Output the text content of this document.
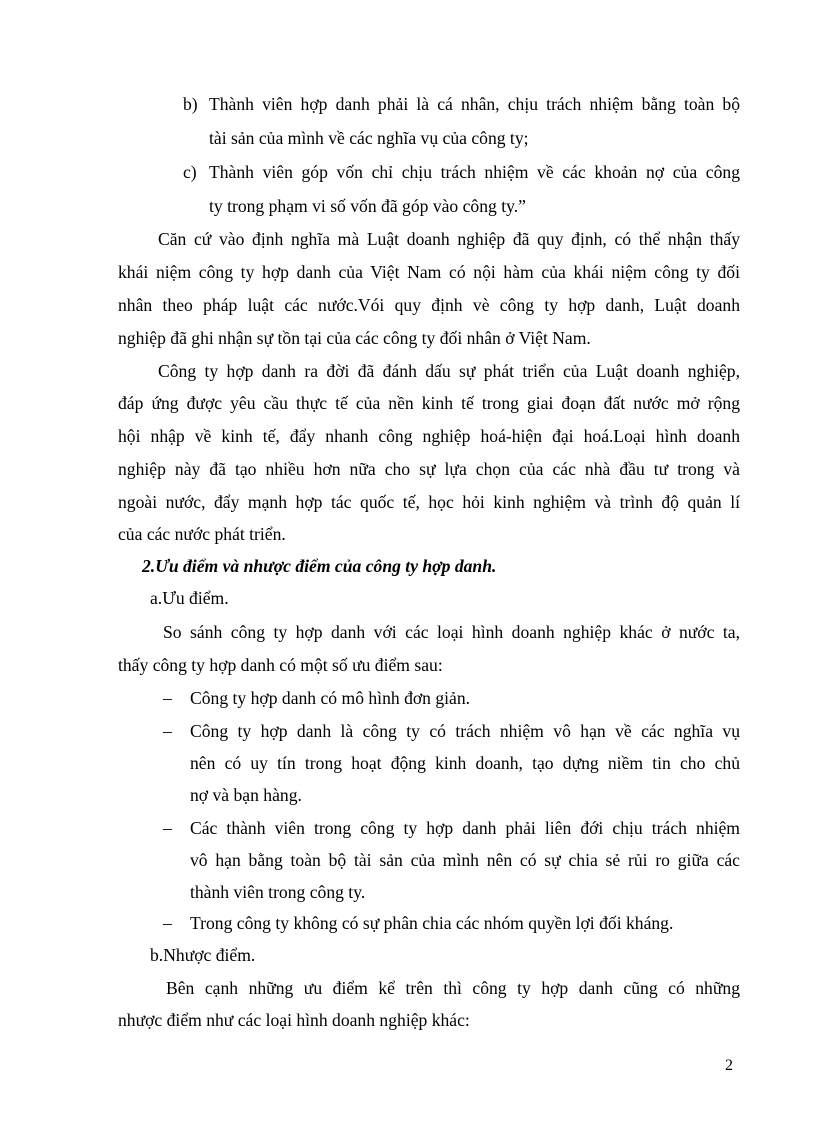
b) Thành viên hợp danh phải là cá nhân, chịu trách nhiệm bằng toàn bộ
tài sản của mình về các nghĩa vụ của công ty;
c) Thành viên góp vốn chỉ chịu trách nhiệm về các khoản nợ của công
ty trong phạm vi số vốn đã góp vào công ty.”
Căn cứ vào định nghĩa mà Luật doanh nghiệp đã quy định, có thể nhận thấy
khái niệm công ty hợp danh của Việt Nam có nội hàm của khái niệm công ty đối
nhân theo pháp luật các nước.Vói quy định vè công ty hợp danh, Luật doanh
nghiệp đã ghi nhận sự tồn tại của các công ty đối nhân ở Việt Nam.
Công ty hợp danh ra đời đã đánh dấu sự phát triển của Luật doanh nghiệp,
đáp ứng được yêu cầu thực tế của nền kinh tế trong giai đoạn đất nước mở rộng
hội nhập về kinh tế, đẩy nhanh công nghiệp hoá-hiện đại hoá.Loại hình doanh
nghiệp này đã tạo nhiều hơn nữa cho sự lựa chọn của các nhà đầu tư trong và
ngoài nước, đẩy mạnh hợp tác quốc tế, học hỏi kinh nghiệm và trình độ quản lí
của các nước phát triển.
2.Ưu điểm và nhược điểm của công ty hợp danh.
a.Ưu điểm.
So sánh công ty hợp danh với các loại hình doanh nghiệp khác ở nước ta,
thấy công ty hợp danh có một số ưu điểm sau:
– Công ty hợp danh có mô hình đơn giản.
– Công ty hợp danh là công ty có trách nhiệm vô hạn về các nghĩa vụ
nên có uy tín trong hoạt động kinh doanh, tạo dựng niềm tin cho chủ
nợ và bạn hàng.
– Các thành viên trong công ty hợp danh phải liên đới chịu trách nhiệm
vô hạn bằng toàn bộ tài sản của mình nên có sự chia sẻ rủi ro giữa các
thành viên trong công ty.
– Trong công ty không có sự phân chia các nhóm quyền lợi đối kháng.
b.Nhược điểm.
Bên cạnh những ưu điểm kể trên thì công ty hợp danh cũng có những
nhược điểm như các loại hình doanh nghiệp khác:
2
